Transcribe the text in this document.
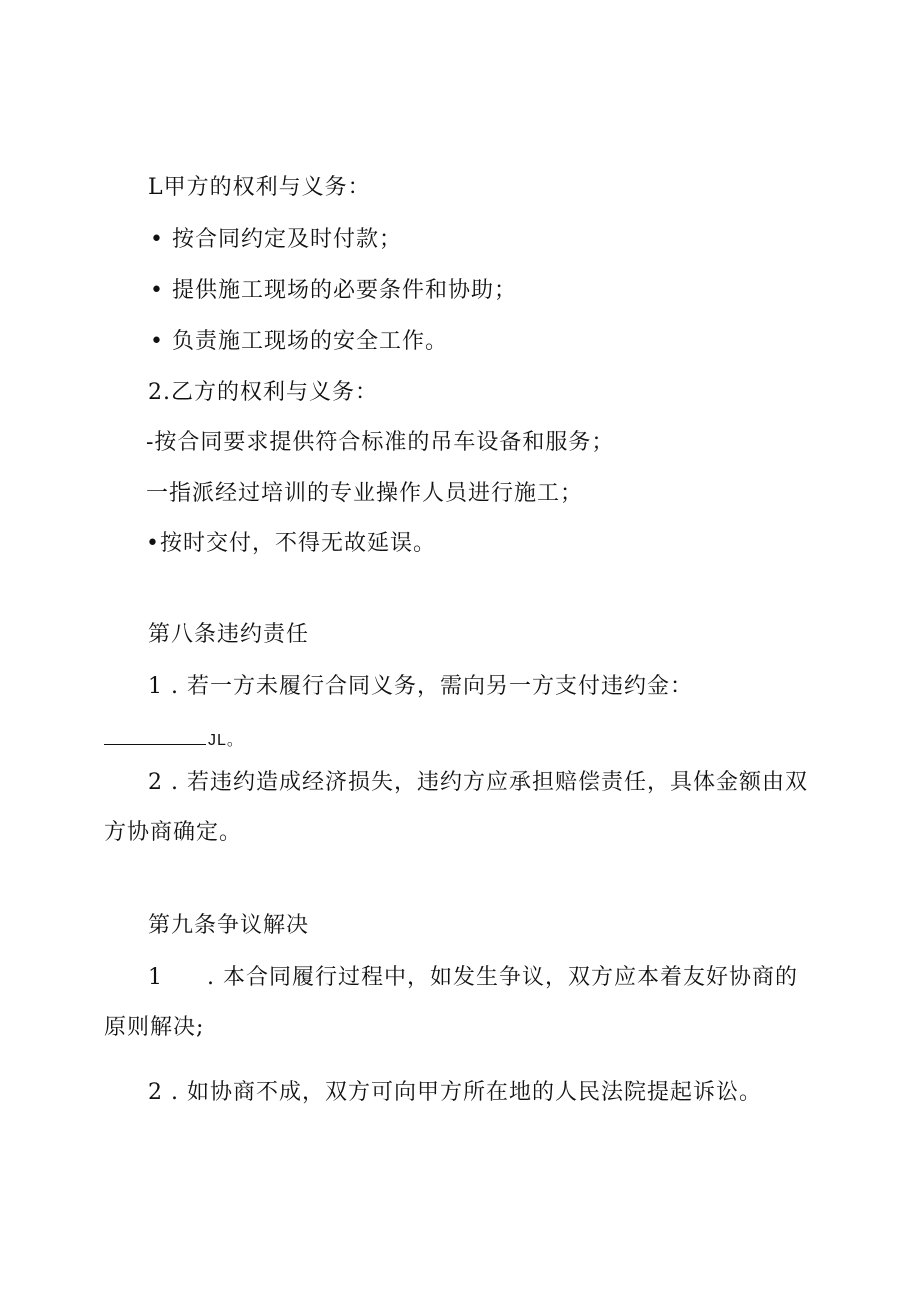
L甲方的权利与义务：
• 按合同约定及时付款；
• 提供施工现场的必要条件和协助；
• 负责施工现场的安全工作。
2.乙方的权利与义务：
-按合同要求提供符合标准的吊车设备和服务；
一指派经过培训的专业操作人员进行施工；
•按时交付，不得无故延误。
第八条违约责任
1 . 若一方未履行合同义务，需向另一方支付违约金：
JL。
2 . 若违约造成经济损失，违约方应承担赔偿责任，具体金额由双
方协商确定。
第九条争议解决
1 . 本合同履行过程中，如发生争议，双方应本着友好协商的
原则解决;
2 . 如协商不成，双方可向甲方所在地的人民法院提起诉讼。
